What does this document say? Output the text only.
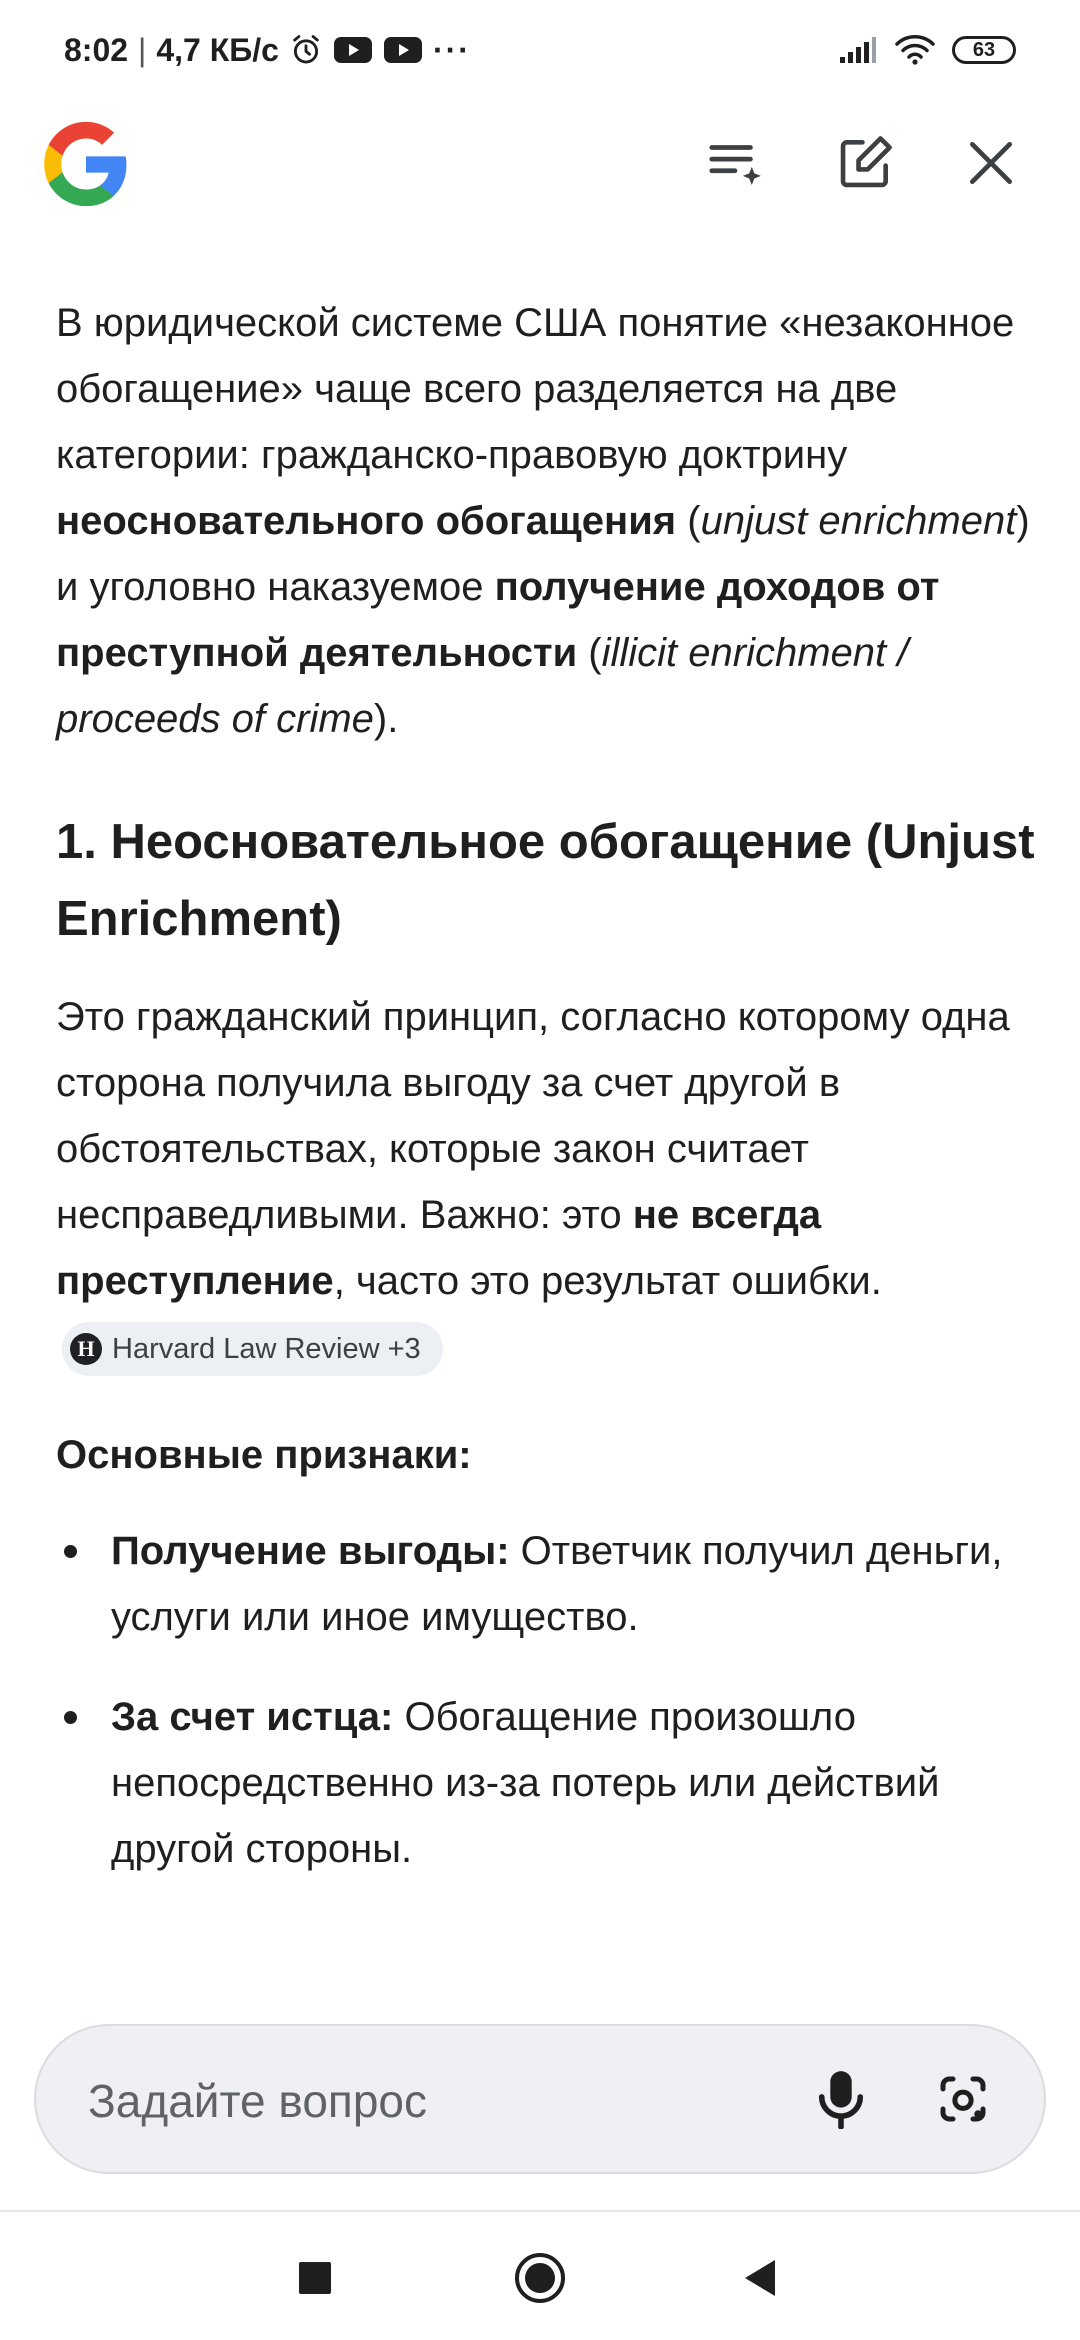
8:02 | 4,7 КБ/с	···	63

В юридической системе США понятие «незаконное обогащение» чаще всего разделяется на две категории: гражданско-правовую доктрину неосновательного обогащения (unjust enrichment) и уголовно наказуемое получение доходов от преступной деятельности (illicit enrichment / proceeds of crime).

1. Неосновательное обогащение (Unjust Enrichment)

Это гражданский принцип, согласно которому одна сторона получила выгоду за счет другой в обстоятельствах, которые закон считает несправедливыми. Важно: это не всегда преступление, часто это результат ошибки.
H Harvard Law Review +3

Основные признаки:
Получение выгоды: Ответчик получил деньги, услуги или иное имущество.
За счет истца: Обогащение произошло непосредственно из-за потерь или действий другой стороны.
Задайте вопрос
